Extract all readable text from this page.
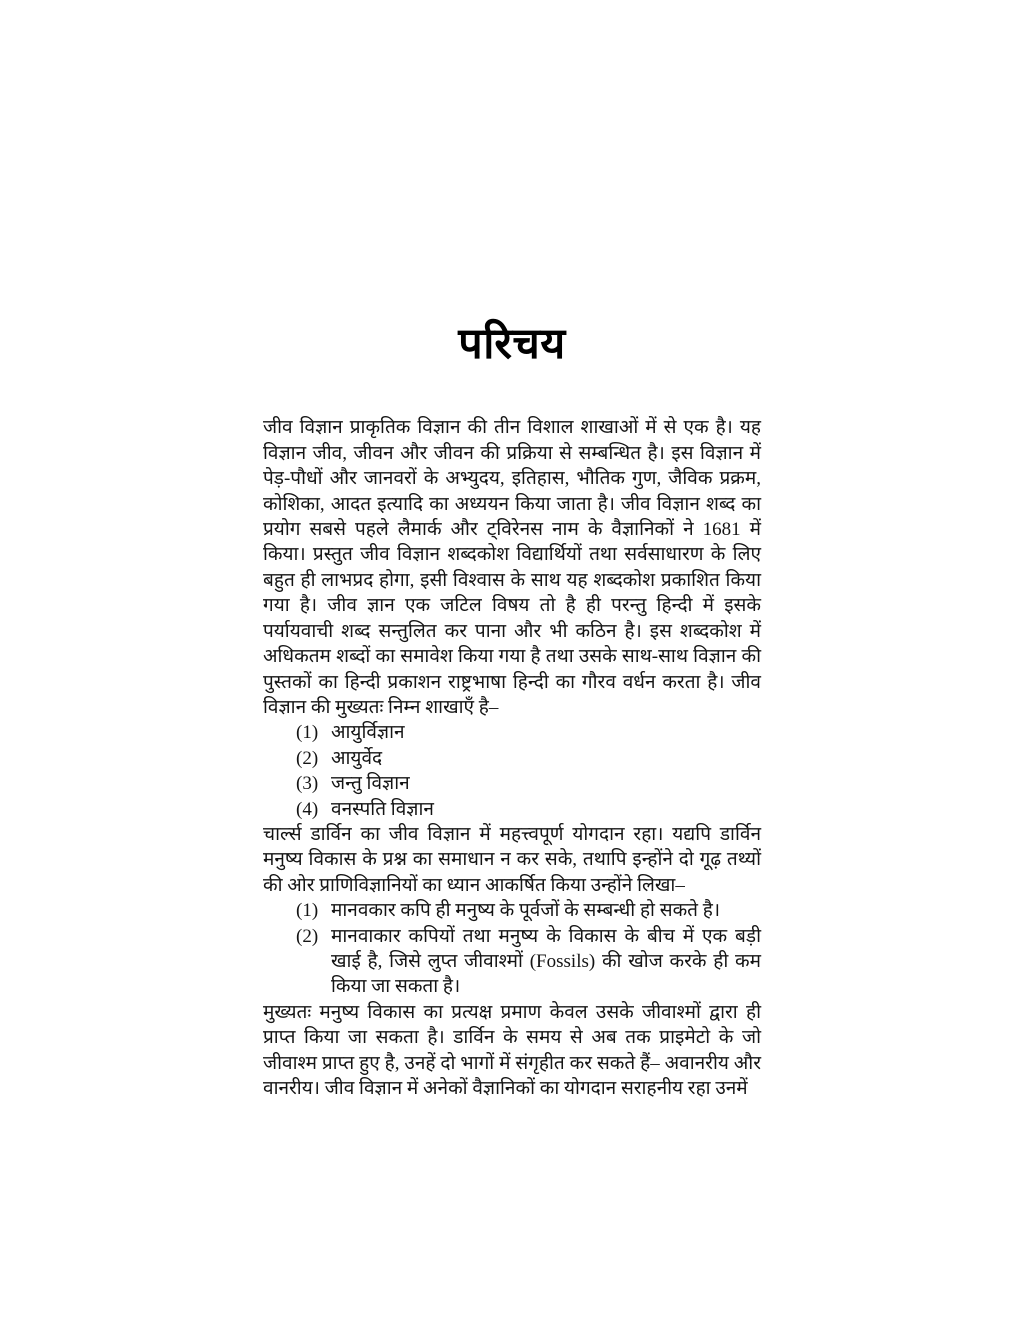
परिचय

जीव विज्ञान प्राकृतिक विज्ञान की तीन विशाल शाखाओं में से एक है। यह विज्ञान जीव, जीवन और जीवन की प्रक्रिया से सम्बन्धित है। इस विज्ञान में पेड़-पौधों और जानवरों के अभ्युदय, इतिहास, भौतिक गुण, जैविक प्रक्रम, कोशिका, आदत इत्यादि का अध्ययन किया जाता है। जीव विज्ञान शब्द का प्रयोग सबसे पहले लैमार्क और ट्विरेनस नाम के वैज्ञानिकों ने 1681 में किया। प्रस्तुत जीव विज्ञान शब्दकोश विद्यार्थियों तथा सर्वसाधारण के लिए बहुत ही लाभप्रद होगा, इसी विश्वास के साथ यह शब्दकोश प्रकाशित किया गया है। जीव ज्ञान एक जटिल विषय तो है ही परन्तु हिन्दी में इसके पर्यायवाची शब्द सन्तुलित कर पाना और भी कठिन है। इस शब्दकोश में अधिकतम शब्दों का समावेश किया गया है तथा उसके साथ-साथ विज्ञान की पुस्तकों का हिन्दी प्रकाशन राष्ट्रभाषा हिन्दी का गौरव वर्धन करता है। जीव विज्ञान की मुख्यतः निम्न शाखाएँ है–

(1) आयुर्विज्ञान
(2) आयुर्वेद
(3) जन्तु विज्ञान
(4) वनस्पति विज्ञान

चार्ल्स डार्विन का जीव विज्ञान में महत्त्वपूर्ण योगदान रहा। यद्यपि डार्विन मनुष्य विकास के प्रश्न का समाधान न कर सके, तथापि इन्होंने दो गूढ़ तथ्यों की ओर प्राणिविज्ञानियों का ध्यान आकर्षित किया उन्होंने लिखा–

(1) मानवकार कपि ही मनुष्य के पूर्वजों के सम्बन्धी हो सकते है।
(2) मानवाकार कपियों तथा मनुष्य के विकास के बीच में एक बड़ी खाई है, जिसे लुप्त जीवाश्मों (Fossils) की खोज करके ही कम किया जा सकता है।

मुख्यतः मनुष्य विकास का प्रत्यक्ष प्रमाण केवल उसके जीवाश्मों द्वारा ही प्राप्त किया जा सकता है। डार्विन के समय से अब तक प्राइमेटो के जो जीवाश्म प्राप्त हुए है, उनहें दो भागों में संगृहीत कर सकते हैं– अवानरीय और वानरीय। जीव विज्ञान में अनेकों वैज्ञानिकों का योगदान सराहनीय रहा उनमें
